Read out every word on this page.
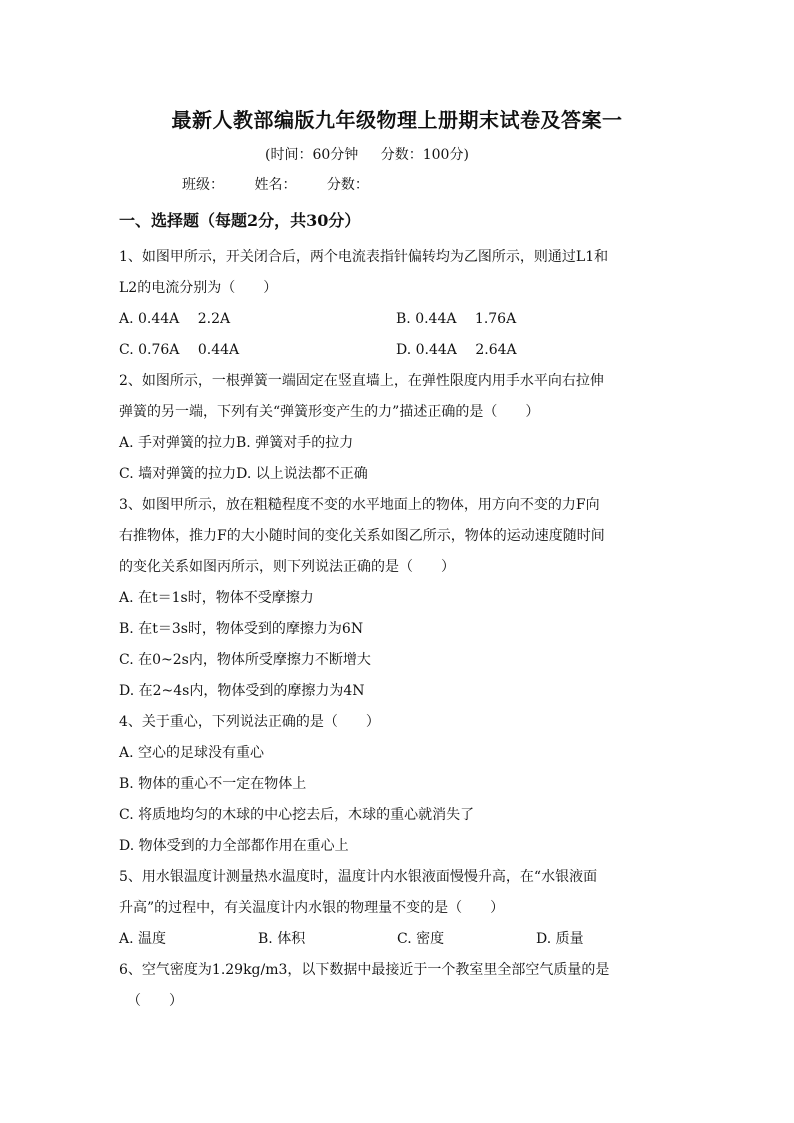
最新人教部编版九年级物理上册期末试卷及答案一
(时间：60分钟 分数：100分)
班级： 姓名： 分数：
一、选择题（每题2分，共30分）
1、如图甲所示，开关闭合后，两个电流表指针偏转均为乙图所示，则通过L1和
L2的电流分别为（　　）
A. 0.44A　 2.2A	B. 0.44A　 1.76A
C. 0.76A　 0.44A	D. 0.44A　 2.64A
2、如图所示，一根弹簧一端固定在竖直墙上，在弹性限度内用手水平向右拉伸
弹簧的另一端，下列有关“弹簧形变产生的力”描述正确的是（　　）
A. 手对弹簧的拉力B. 弹簧对手的拉力
C. 墙对弹簧的拉力D. 以上说法都不正确
3、如图甲所示，放在粗糙程度不变的水平地面上的物体，用方向不变的力F向
右推物体，推力F的大小随时间的变化关系如图乙所示，物体的运动速度随时间
的变化关系如图丙所示，则下列说法正确的是（　　）
A. 在t＝1s时，物体不受摩擦力
B. 在t＝3s时，物体受到的摩擦力为6N
C. 在0~2s内，物体所受摩擦力不断增大
D. 在2~4s内，物体受到的摩擦力为4N
4、关于重心，下列说法正确的是（　　）
A. 空心的足球没有重心
B. 物体的重心不一定在物体上
C. 将质地均匀的木球的中心挖去后，木球的重心就消失了
D. 物体受到的力全部都作用在重心上
5、用水银温度计测量热水温度时，温度计内水银液面慢慢升高，在“水银液面
升高”的过程中，有关温度计内水银的物理量不变的是（　　）
A. 温度	B. 体积	C. 密度	D. 质量
6、空气密度为1.29kg/m3，以下数据中最接近于一个教室里全部空气质量的是
（　　）
